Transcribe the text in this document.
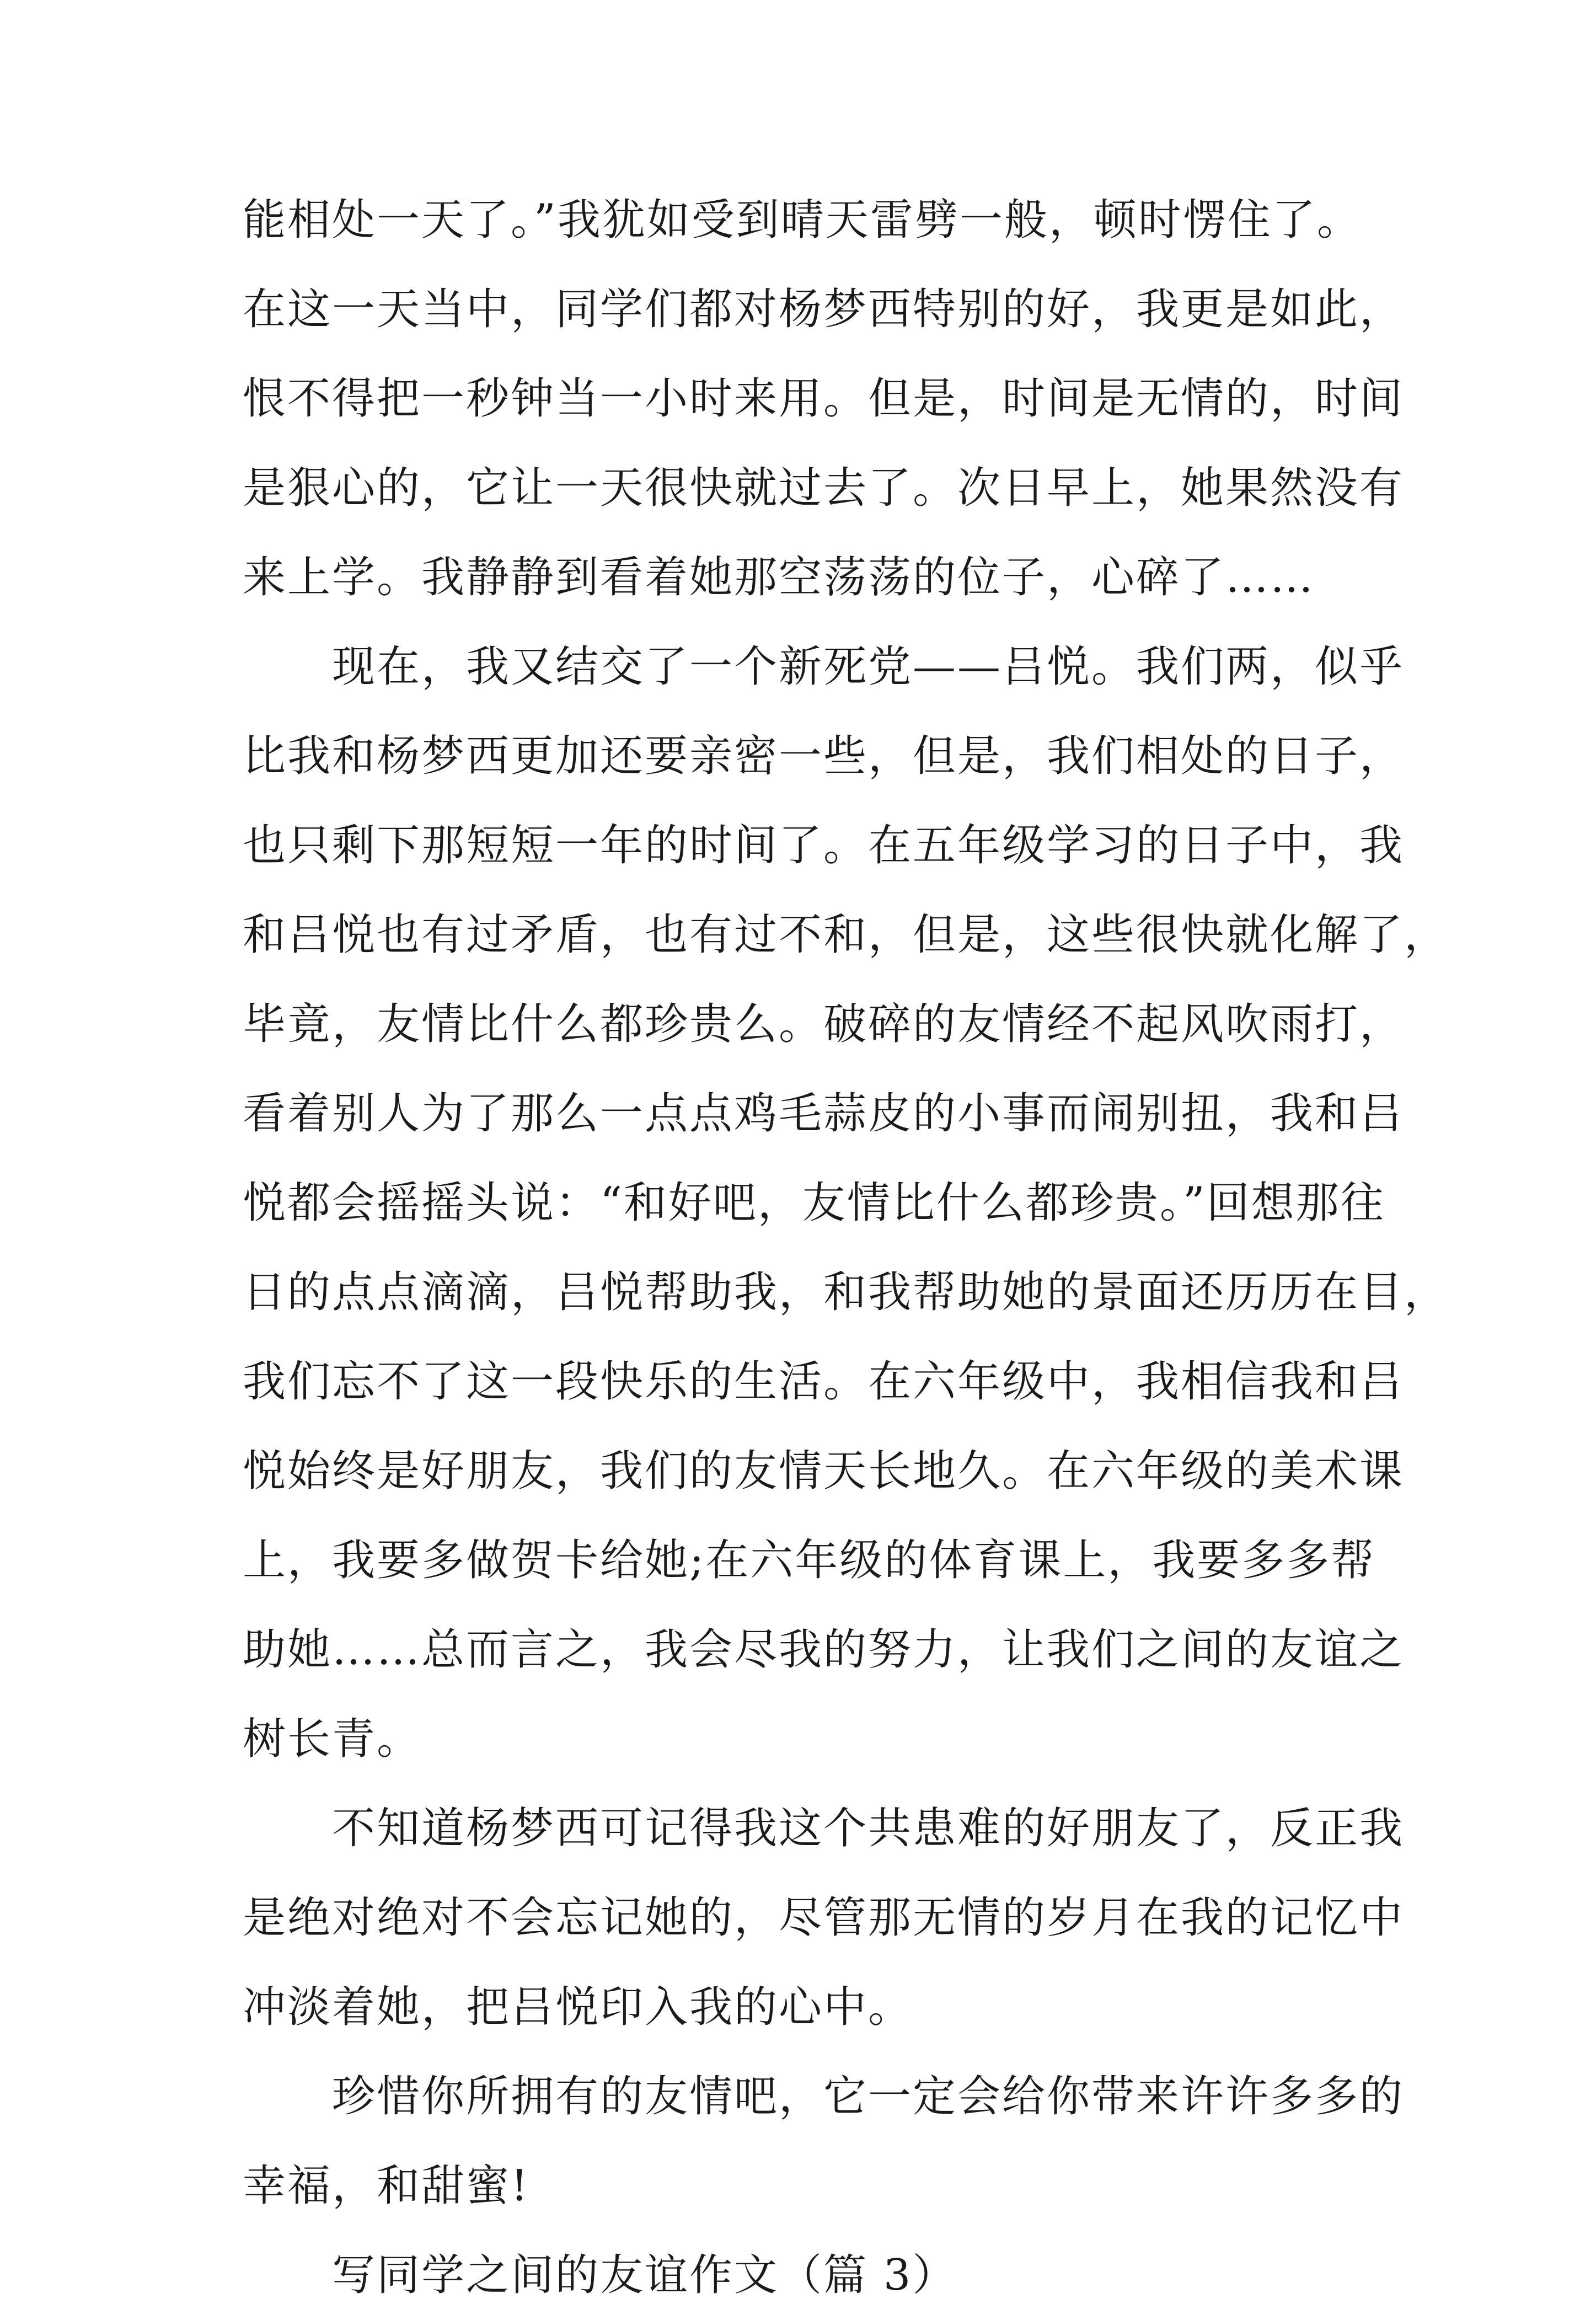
能相处一天了。”我犹如受到晴天雷劈一般，顿时愣住了。
在这一天当中，同学们都对杨梦西特别的好，我更是如此，
恨不得把一秒钟当一小时来用。但是，时间是无情的，时间
是狠心的，它让一天很快就过去了。次日早上，她果然没有
来上学。我静静到看着她那空荡荡的位子，心碎了……

现在，我又结交了一个新死党——吕悦。我们两，似乎
比我和杨梦西更加还要亲密一些，但是，我们相处的日子，
也只剩下那短短一年的时间了。在五年级学习的日子中，我
和吕悦也有过矛盾，也有过不和，但是，这些很快就化解了，
毕竟，友情比什么都珍贵么。破碎的友情经不起风吹雨打，
看着别人为了那么一点点鸡毛蒜皮的小事而闹别扭，我和吕
悦都会摇摇头说：“和好吧，友情比什么都珍贵。”回想那往
日的点点滴滴，吕悦帮助我，和我帮助她的景面还历历在目，
我们忘不了这一段快乐的生活。在六年级中，我相信我和吕
悦始终是好朋友，我们的友情天长地久。在六年级的美术课
上，我要多做贺卡给她;在六年级的体育课上，我要多多帮
助她……总而言之，我会尽我的努力，让我们之间的友谊之
树长青。

不知道杨梦西可记得我这个共患难的好朋友了，反正我
是绝对绝对不会忘记她的，尽管那无情的岁月在我的记忆中
冲淡着她，把吕悦印入我的心中。

珍惜你所拥有的友情吧，它一定会给你带来许许多多的
幸福，和甜蜜!

写同学之间的友谊作文（篇 3）
